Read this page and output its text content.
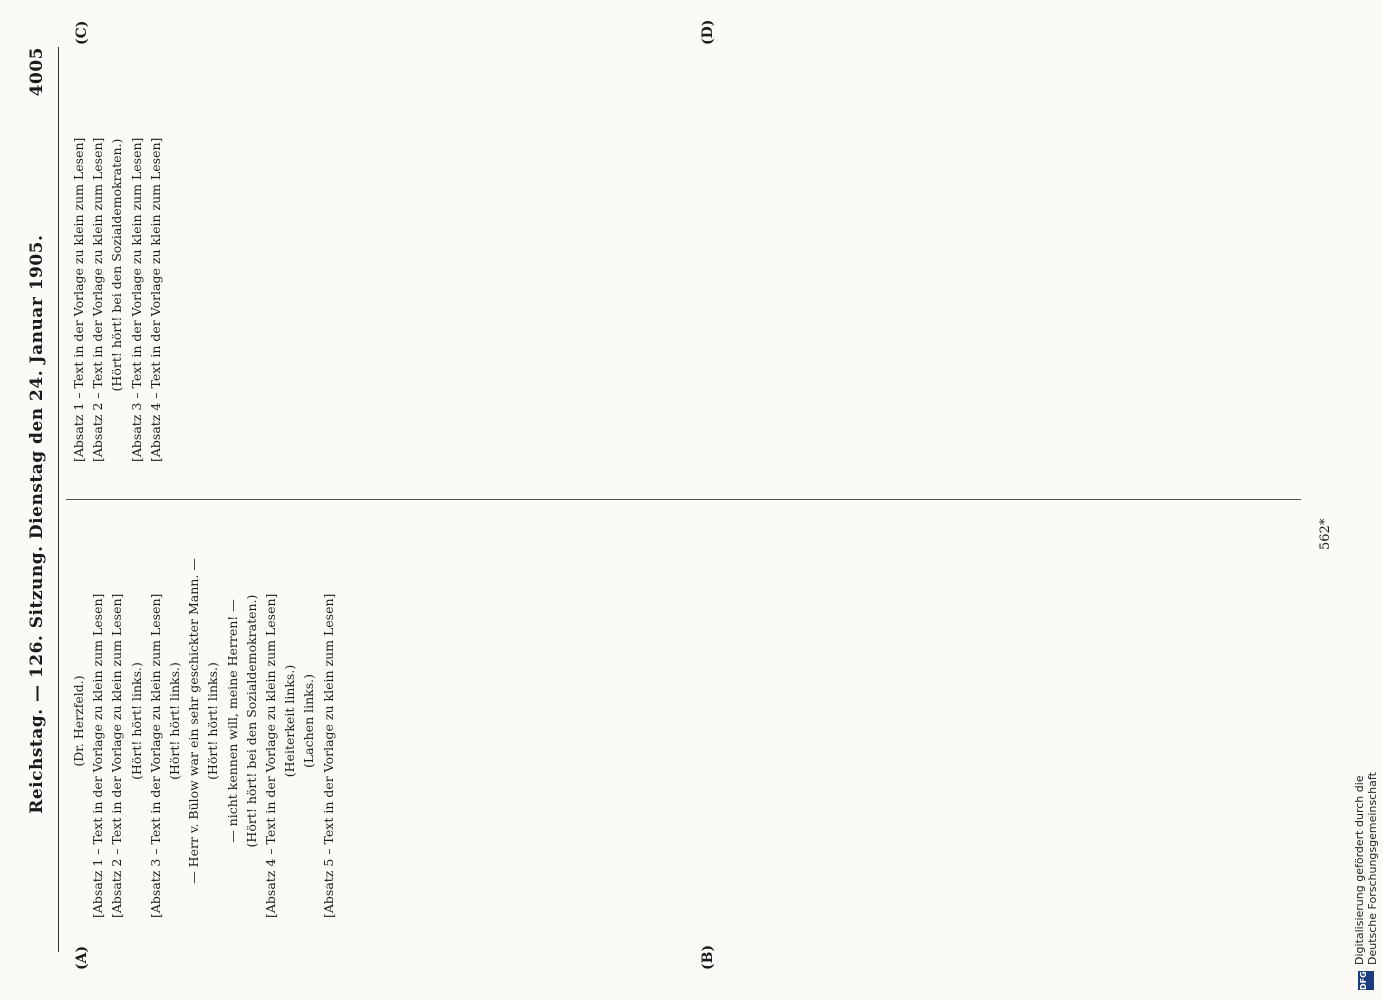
Reichstag. — 126. Sitzung. Dienstag den 24. Januar 1905.
4005
(A)	(B)
(C)	(D)

(Dr. Herzfeld.) [Absatz 1 – Text in der Vorlage zu klein zum Lesen] [Absatz 2 – Text in der Vorlage zu klein zum Lesen] (Hört! hört! links.) [Absatz 3 – Text in der Vorlage zu klein zum Lesen] (Hört! hört! links.) — Herr v. Bülow war ein sehr geschickter Mann. — (Hört! hört! links.) — nicht kennen will, meine Herren! — (Hört! hört! bei den Sozialdemokraten.) [Absatz 4 – Text in der Vorlage zu klein zum Lesen] (Heiterkeit links.) (Lachen links.) [Absatz 5 – Text in der Vorlage zu klein zum Lesen]

[Absatz 1 – Text in der Vorlage zu klein zum Lesen] [Absatz 2 – Text in der Vorlage zu klein zum Lesen] (Hört! hört! bei den Sozialdemokraten.) [Absatz 3 – Text in der Vorlage zu klein zum Lesen] [Absatz 4 – Text in der Vorlage zu klein zum Lesen]

562*
DFG
Digitalisierung gefördert durch die Deutsche Forschungsgemeinschaft
